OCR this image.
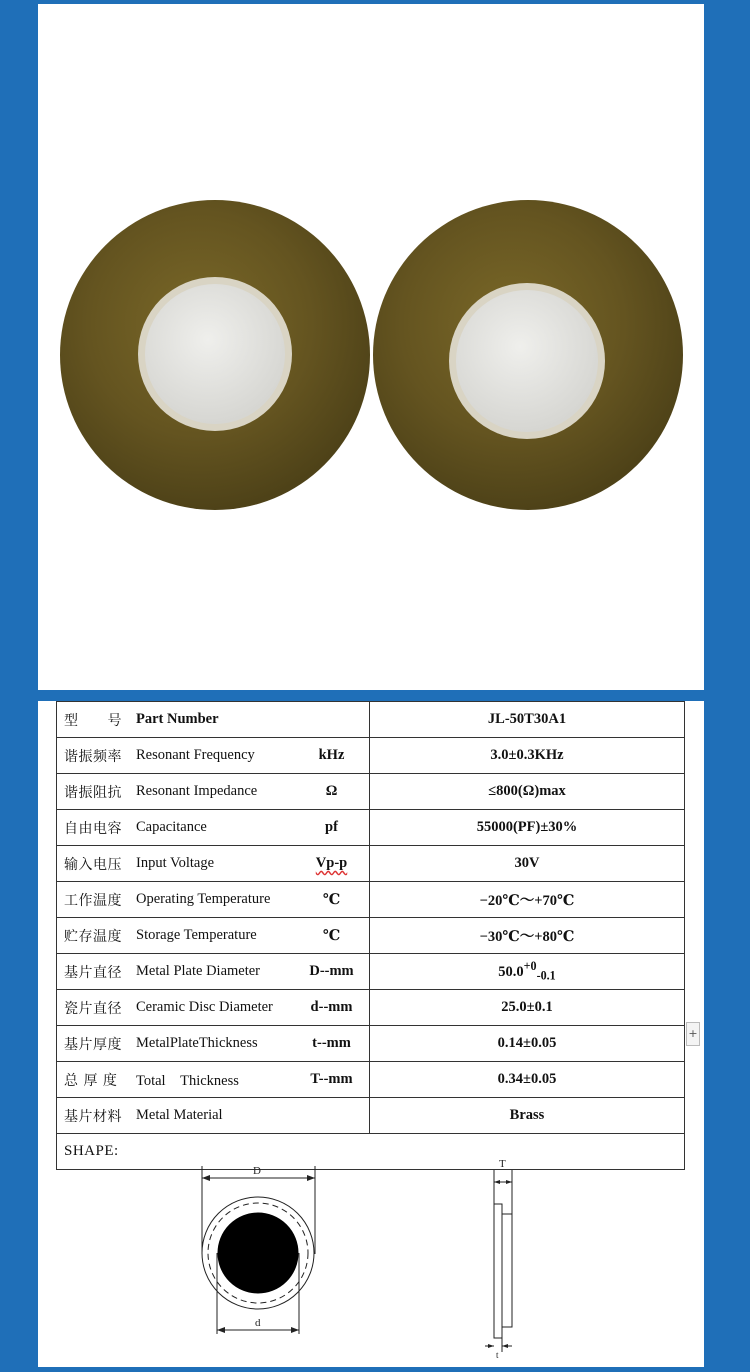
型　　号 Part Number	JL-50T30A1

谐振频率 Resonant Frequency kHz	3.0±0.3KHz

谐振阻抗 Resonant Impedance Ω	≤800(Ω)max

自由电容 Capacitance pf	55000(PF)±30%

输入电压 Input Voltage Vp-p	30V

工作温度 Operating Temperature ℃	−20℃～+70℃

贮存温度 Storage Temperature ℃	−30℃～+80℃

基片直径 Metal Plate Diameter D--mm	$50.0^{+0}_{-0.1}$

瓷片直径 Ceramic Disc Diameter d--mm	25.0±0.1

基片厚度 MetalPlateThickness t--mm	0.14±0.05

总 厚 度 Total　Thickness T--mm	0.34±0.05

基片材料 Metal Material	Brass

SHAPE:
D
d
T
t	
+
